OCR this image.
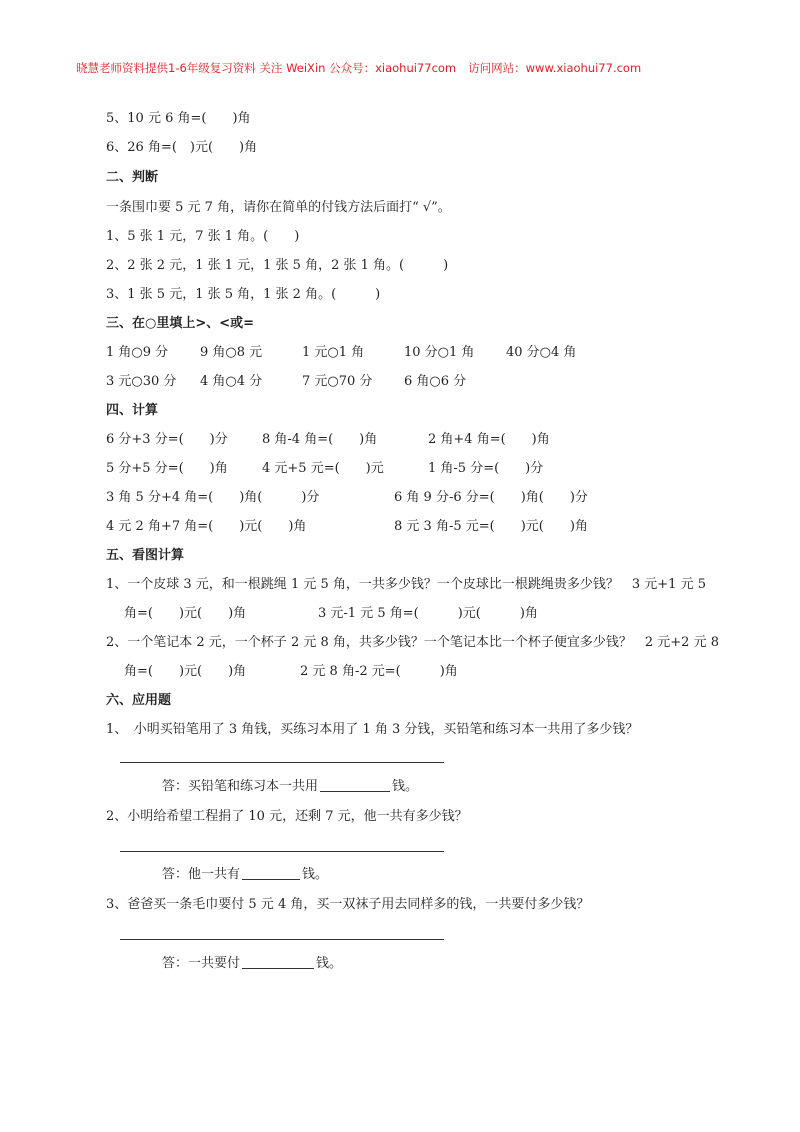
晓慧老师资料提供1-6年级复习资料 关注 WeiXin 公众号：xiaohui77com 访问网站：www.xiaohui77.com
5、10 元 6 角=(　　)角
6、26 角=(　)元(　　)角
二、判断
一条围巾要 5 元 7 角，请你在简单的付钱方法后面打“ √”。
1、5 张 1 元，7 张 1 角。(　　)
2、2 张 2 元，1 张 1 元，1 张 5 角，2 张 1 角。(　　　)
3、1 张 5 元，1 张 5 角，1 张 2 角。(　　　)
三、在○里填上>、<或=
1 角○9 分 9 角○8 元	1 元○1 角	10 分○1 角 40 分○4 角
3 元○30 分 4 角○4 分	7 元○70 分 6 角○6 分
四、计算
6 分+3 分=(　　)分	8 角-4 角=(　　)角	2 角+4 角=(　　)角
5 分+5 分=(　　)角	4 元+5 元=(　　)元	1 角-5 分=(　　)分
3 角 5 分+4 角=(　　)角(　　　)分	6 角 9 分-6 分=(　　)角(　　)分
4 元 2 角+7 角=(　　)元(　　)角	8 元 3 角-5 元=(　　)元(　　)角
五、看图计算
1、一个皮球 3 元，和一根跳绳 1 元 5 角，一共多少钱？一个皮球比一根跳绳贵多少钱？　3 元+1 元 5
角=(　　)元(　　)角	3 元-1 元 5 角=(　　　)元(　　　)角
2、一个笔记本 2 元，一个杯子 2 元 8 角，共多少钱？一个笔记本比一个杯子便宜多少钱？　2 元+2 元 8
角=(　　)元(　　)角	2 元 8 角-2 元=(　　　)角
六、应用题
1、　小明买铅笔用了 3 角钱，买练习本用了 1 角 3 分钱，买铅笔和练习本一共用了多少钱？
答：买铅笔和练习本一共用	钱。
2、小明给希望工程捐了 10 元，还剩 7 元，他一共有多少钱？
答：他一共有	钱。
3、爸爸买一条毛巾要付 5 元 4 角，买一双袜子用去同样多的钱，一共要付多少钱？
答：一共要付	钱。
